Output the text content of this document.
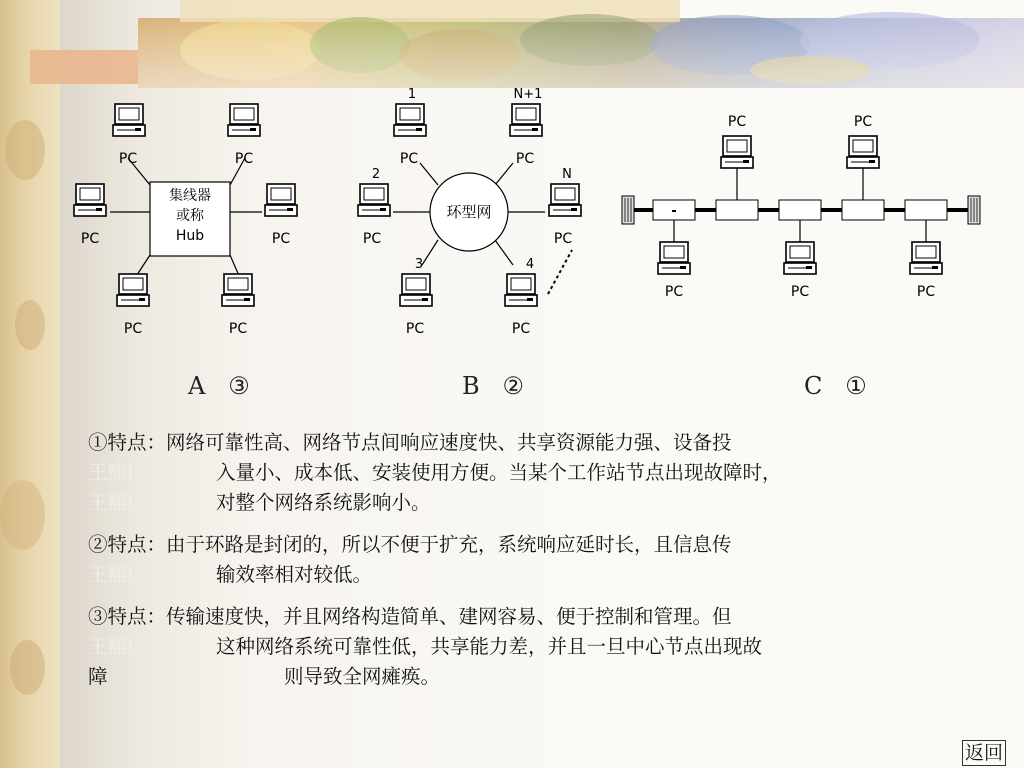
集线器
或称
Hub
PC	PC
PC	PC
PC	PC
环型网
1
PC
N+1
PC
2
PC
N
PC
3
PC
4
PC
PC	PC
PC	PC	PC
A ③	B ②	C ①
①特点：网络可靠性高、网络节点间响应速度快、共享资源能力强、设备投
王熙l	入量小、成本低、安装使用方便。当某个工作站节点出现故障时，
王熙l	对整个网络系统影响小。
②特点：由于环路是封闭的，所以不便于扩充，系统响应延时长，且信息传
王熙l	输效率相对较低。
③特点：传输速度快，并且网络构造简单、建网容易、便于控制和管理。但
王熙l	这种网络系统可靠性低，共享能力差，并且一旦中心节点出现故
障	则导致全网瘫痪。
返回
